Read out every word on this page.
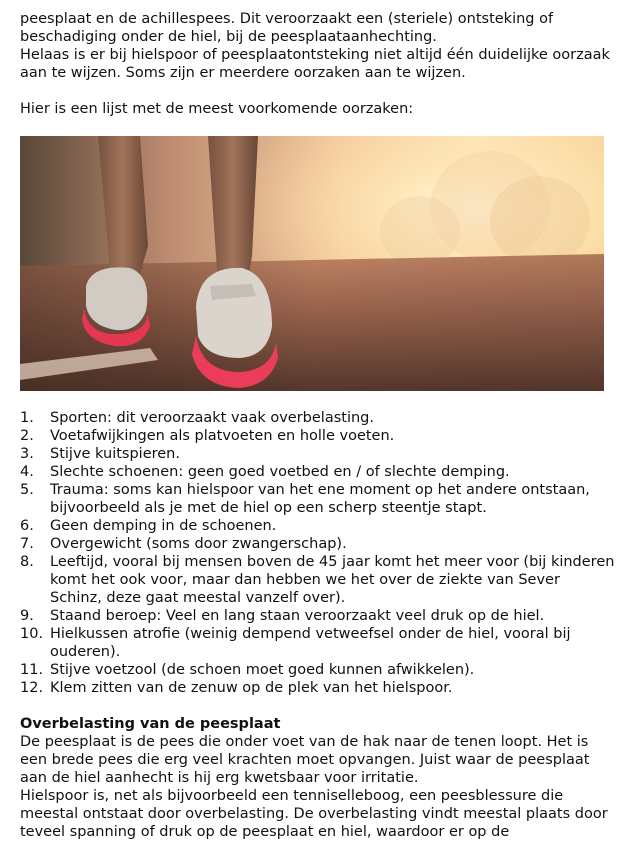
peesplaat en de achillespees. Dit veroorzaakt een (steriele) ontsteking of beschadiging onder de hiel, bij de peesplaataanhechting.

Helaas is er bij hielspoor of peesplaatontsteking niet altijd één duidelijke oorzaak aan te wijzen. Soms zijn er meerdere oorzaken aan te wijzen.

Hier is een lijst met de meest voorkomende oorzaken:

1.	Sporten: dit veroorzaakt vaak overbelasting.
2.	Voetafwijkingen als platvoeten en holle voeten.
3.	Stijve kuitspieren.
4.	Slechte schoenen: geen goed voetbed en / of slechte demping.
5.	Trauma: soms kan hielspoor van het ene moment op het andere ontstaan, bijvoorbeeld als je met de hiel op een scherp steentje stapt.
6.	Geen demping in de schoenen.
7.	Overgewicht (soms door zwangerschap).
8.	Leeftijd, vooral bij mensen boven de 45 jaar komt het meer voor (bij kinderen komt het ook voor, maar dan hebben we het over de ziekte van Sever Schinz, deze gaat meestal vanzelf over).
9.	Staand beroep: Veel en lang staan veroorzaakt veel druk op de hiel.
10. Hielkussen atrofie (weinig dempend vetweefsel onder de hiel, vooral bij ouderen).
11. Stijve voetzool (de schoen moet goed kunnen afwikkelen).
12. Klem zitten van de zenuw op de plek van het hielspoor.

Overbelasting van de peesplaat

De peesplaat is de pees die onder voet van de hak naar de tenen loopt. Het is een brede pees die erg veel krachten moet opvangen. Juist waar de peesplaat aan de hiel aanhecht is hij erg kwetsbaar voor irritatie.

Hielspoor is, net als bijvoorbeeld een tenniselleboog, een peesblessure die meestal ontstaat door overbelasting. De overbelasting vindt meestal plaats door teveel spanning of druk op de peesplaat en hiel, waardoor er op de
